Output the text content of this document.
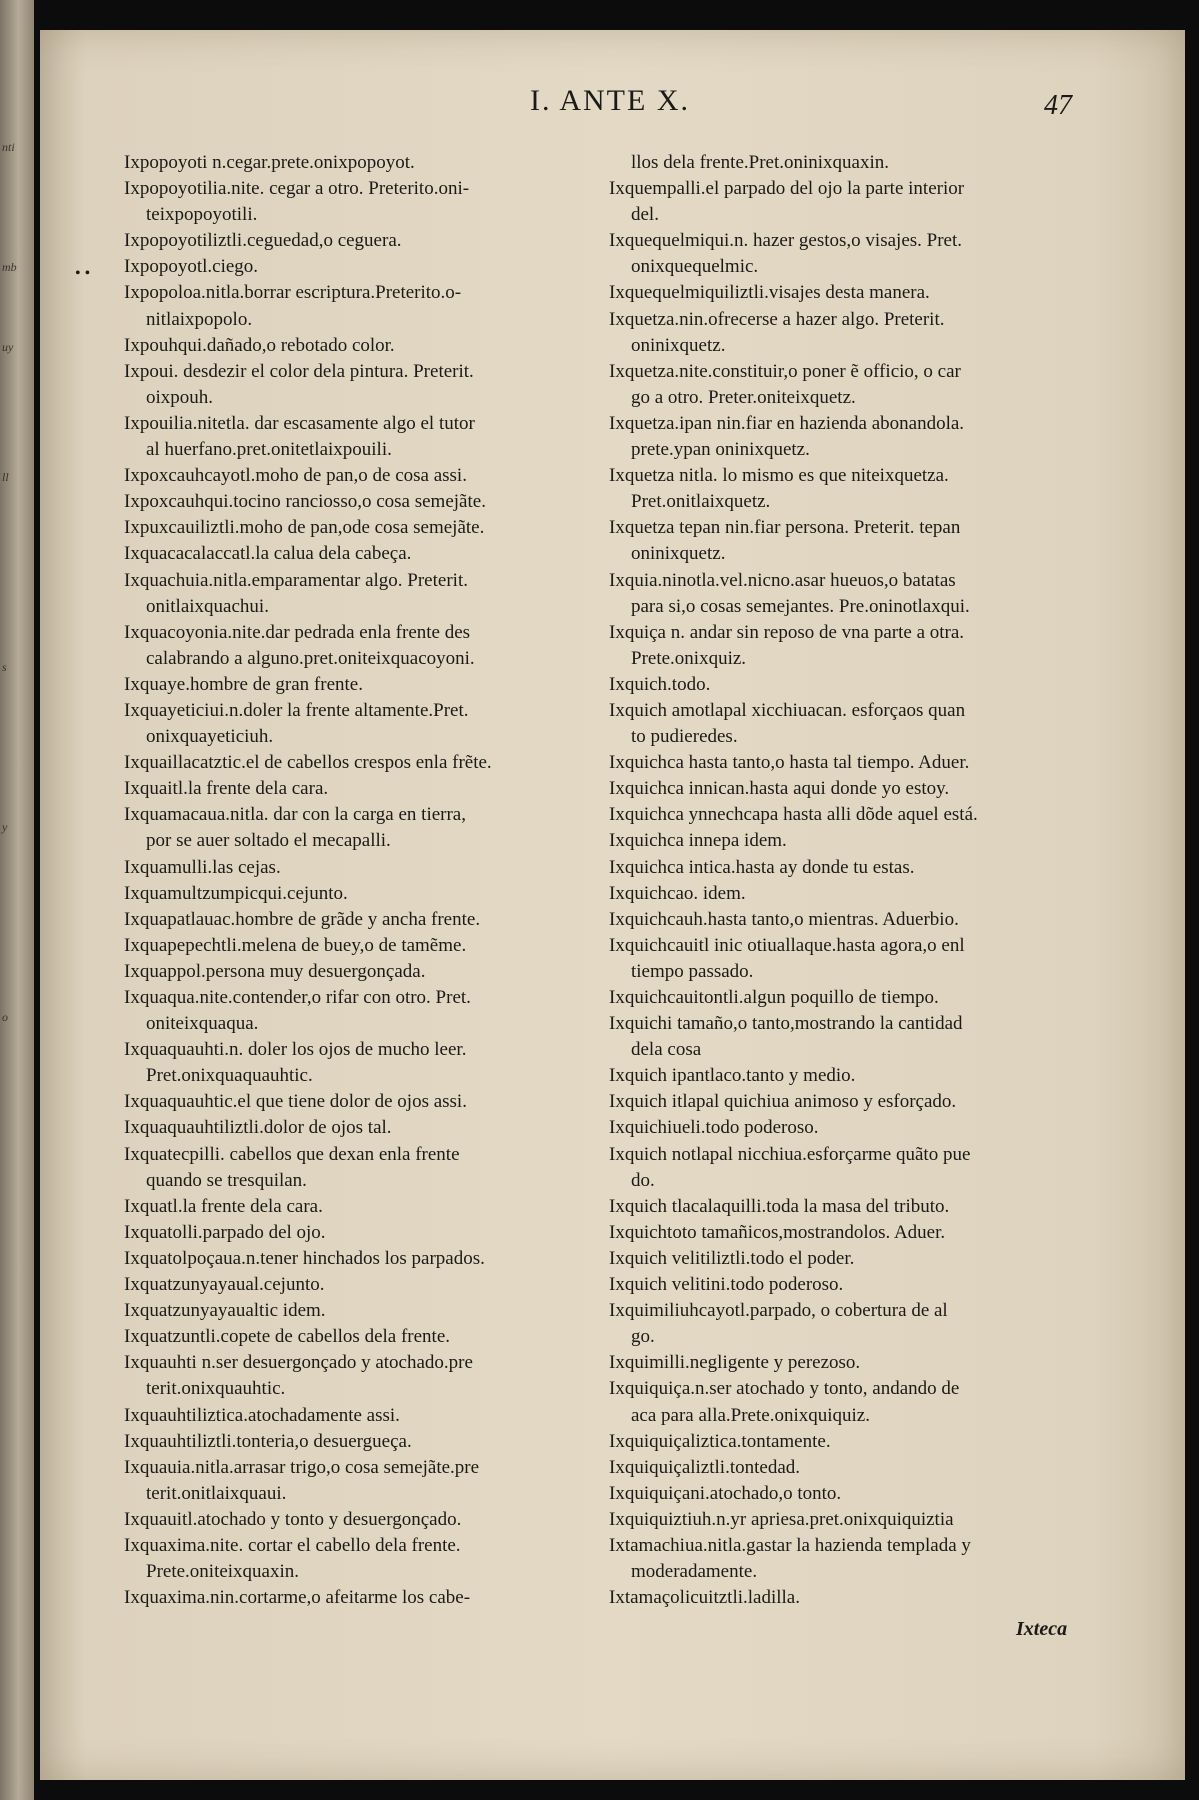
nti
mb
uy
ll
s
y
o
I. ANTE X.	47
• •
Ixpopoyoti n.cegar.prete.onixpopoyot.
Ixpopoyotilia.nite. cegar a otro. Preterito.oni-
teixpopoyotili.
Ixpopoyotiliztli.ceguedad,o ceguera.
Ixpopoyotl.ciego.
Ixpopoloa.nitla.borrar escriptura.Preterito.o-
nitlaixpopolo.
Ixpouhqui.dañado,o rebotado color.
Ixpoui. desdezir el color dela pintura. Preterit.
oixpouh.
Ixpouilia.nitetla. dar escasamente algo el tutor
al huerfano.pret.onitetlaixpouili.
Ixpoxcauhcayotl.moho de pan,o de cosa assi.
Ixpoxcauhqui.tocino ranciosso,o cosa semejãte.
Ixpuxcauiliztli.moho de pan,ode cosa semejãte.
Ixquacacalaccatl.la calua dela cabeça.
Ixquachuia.nitla.emparamentar algo. Preterit.
onitlaixquachui.
Ixquacoyonia.nite.dar pedrada enla frente des
calabrando a alguno.pret.oniteixquacoyoni.
Ixquaye.hombre de gran frente.
Ixquayeticiui.n.doler la frente altamente.Pret.
onixquayeticiuh.
Ixquaillacatztic.el de cabellos crespos enla frẽte.
Ixquaitl.la frente dela cara.
Ixquamacaua.nitla. dar con la carga en tierra,
por se auer soltado el mecapalli.
Ixquamulli.las cejas.
Ixquamultzumpicqui.cejunto.
Ixquapatlauac.hombre de grãde y ancha frente.
Ixquapepechtli.melena de buey,o de tamẽme.
Ixquappol.persona muy desuergonçada.
Ixquaqua.nite.contender,o rifar con otro. Pret.
oniteixquaqua.
Ixquaquauhti.n. doler los ojos de mucho leer.
Pret.onixquaquauhtic.
Ixquaquauhtic.el que tiene dolor de ojos assi.
Ixquaquauhtiliztli.dolor de ojos tal.
Ixquatecpilli. cabellos que dexan enla frente
quando se tresquilan.
Ixquatl.la frente dela cara.
Ixquatolli.parpado del ojo.
Ixquatolpoçaua.n.tener hinchados los parpados.
Ixquatzunyayaual.cejunto.
Ixquatzunyayaualtic idem.
Ixquatzuntli.copete de cabellos dela frente.
Ixquauhti n.ser desuergonçado y atochado.pre
terit.onixquauhtic.
Ixquauhtiliztica.atochadamente assi.
Ixquauhtiliztli.tonteria,o desuergueça.
Ixquauia.nitla.arrasar trigo,o cosa semejãte.pre
terit.onitlaixquaui.
Ixquauitl.atochado y tonto y desuergonçado.
Ixquaxima.nite. cortar el cabello dela frente.
Prete.oniteixquaxin.
Ixquaxima.nin.cortarme,o afeitarme los cabe-
llos dela frente.Pret.oninixquaxin.
Ixquempalli.el parpado del ojo la parte interior
del.
Ixquequelmiqui.n. hazer gestos,o visajes. Pret.
onixquequelmic.
Ixquequelmiquiliztli.visajes desta manera.
Ixquetza.nin.ofrecerse a hazer algo. Preterit.
oninixquetz.
Ixquetza.nite.constituir,o poner ẽ officio, o car
go a otro. Preter.oniteixquetz.
Ixquetza.ipan nin.fiar en hazienda abonandola.
prete.ypan oninixquetz.
Ixquetza nitla. lo mismo es que niteixquetza.
Pret.onitlaixquetz.
Ixquetza tepan nin.fiar persona. Preterit. tepan
oninixquetz.
Ixquia.ninotla.vel.nicno.asar hueuos,o batatas
para si,o cosas semejantes. Pre.oninotlaxqui.
Ixquiça n. andar sin reposo de vna parte a otra.
Prete.onixquiz.
Ixquich.todo.
Ixquich amotlapal xicchiuacan. esforçaos quan
to pudieredes.
Ixquichca hasta tanto,o hasta tal tiempo. Aduer.
Ixquichca innican.hasta aqui donde yo estoy.
Ixquichca ynnechcapa hasta alli dõde aquel está.
Ixquichca innepa idem.
Ixquichca intica.hasta ay donde tu estas.
Ixquichcao. idem.
Ixquichcauh.hasta tanto,o mientras. Aduerbio.
Ixquichcauitl inic otiuallaque.hasta agora,o enl
tiempo passado.
Ixquichcauitontli.algun poquillo de tiempo.
Ixquichi tamaño,o tanto,mostrando la cantidad
dela cosa
Ixquich ipantlaco.tanto y medio.
Ixquich itlapal quichiua animoso y esforçado.
Ixquichiueli.todo poderoso.
Ixquich notlapal nicchiua.esforçarme quãto pue
do.
Ixquich tlacalaquilli.toda la masa del tributo.
Ixquichtoto tamañicos,mostrandolos. Aduer.
Ixquich velitiliztli.todo el poder.
Ixquich velitini.todo poderoso.
Ixquimiliuhcayotl.parpado, o cobertura de al
go.
Ixquimilli.negligente y perezoso.
Ixquiquiça.n.ser atochado y tonto, andando de
aca para alla.Prete.onixquiquiz.
Ixquiquiçaliztica.tontamente.
Ixquiquiçaliztli.tontedad.
Ixquiquiçani.atochado,o tonto.
Ixquiquiztiuh.n.yr apriesa.pret.onixquiquiztia
Ixtamachiua.nitla.gastar la hazienda templada y
moderadamente.
Ixtamaçolicuitztli.ladilla.
Ixteca
